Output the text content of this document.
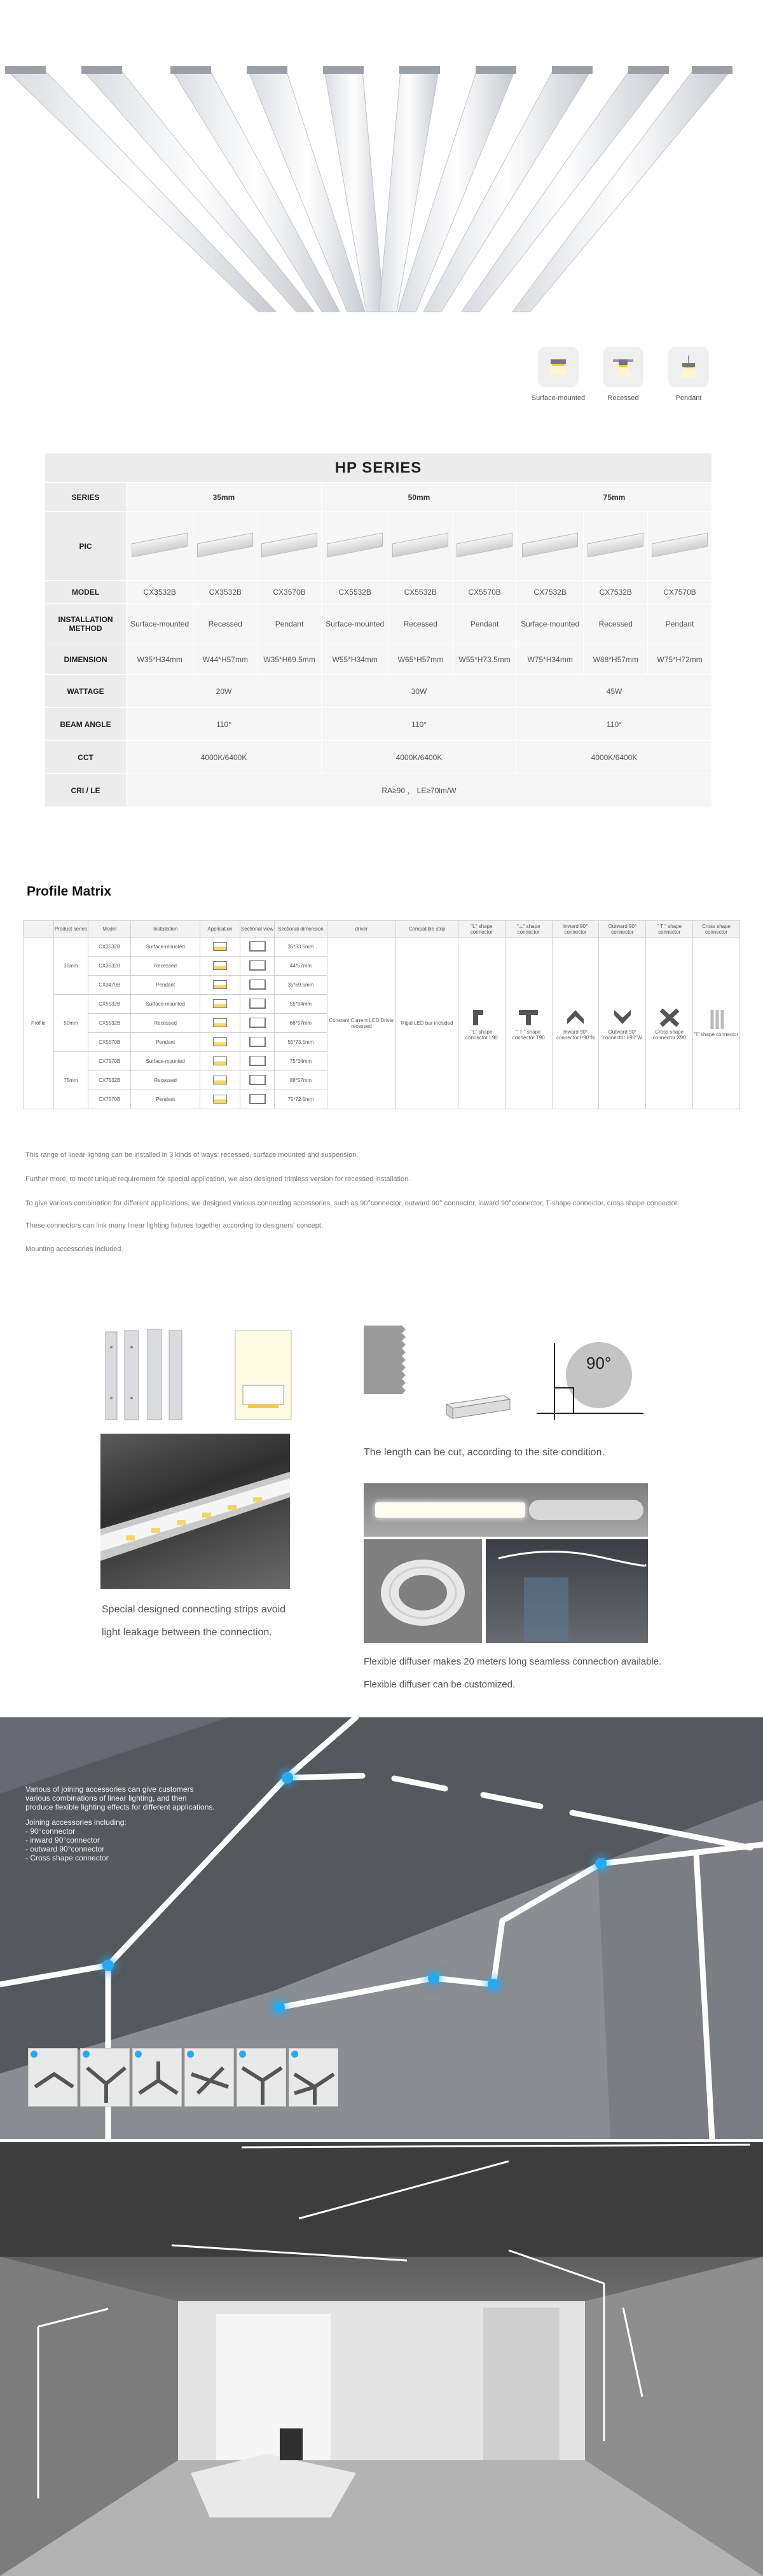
Surface-mounted	Recessed	Pendant
HP SERIES									
SERIES	35mm			50mm			75mm		
PIC									
MODEL	CX3532B	CX3532B	CX3570B	CX5532B	CX5532B	CX5570B	CX7532B	CX7532B	CX7570B
INSTALLATION METHOD	Surface-mounted	Recessed	Pendant	Surface-mounted	Recessed	Pendant	Surface-mounted	Recessed	Pendant
DIMENSION	W35*H34mm	W44*H57mm	W35*H69.5mm	W55*H34mm	W65*H57mm	W55*H73.5mm	W75*H34mm	W88*H57mm	W75*H72mm
WATTAGE	20W			30W			45W		
BEAM ANGLE	110°			110°			110°		
CCT	4000K/6400K			4000K/6400K			4000K/6400K		
CRI / LE	RA≥90 ， LE≥70lm/W								
Profile Matrix
	Product series	Model	Installation	Application	Sectional view	Sectional dimension	driver	Compatible strip	"L" shape connector	"⊥" shape connector	Inward 90° connector	Outward 90° connector	" T " shape connector	Cross shape connector
Profile	35mm	CX3532B	Surface-mounted			35*33.5mm	Constant Current LED Driver recessed	Rigid LED bar included	"L" shape connector L90	" T " shape connector T90	Inward 90° connector I-90°N	Outward 90° connector I-90°W	Cross shape connector X90	"I" shape connector

		CX3532B	Recessed			44*57mm								
		CX3470B	Pendant			35*69.5mm								
	50mm	CX5532B	Surface-mounted			55*34mm								
		CX5532B	Recessed			66*57mm								
		CX5570B	Pendant			55*73.5mm								
	75mm	CX7570B	Surface-mounted			75*34mm								
		CX7532B	Recessed			88*57mm								
		CX7570B	Pendant			75*72.5mm								
This range of linear lighting can be installed in 3 kinds of ways: recessed, surface mounted and suspension.
Further more, to meet unique requirement for special application, we also designed trimless version for recessed installation.
To give various combination for different applications, we designed various connecting accessories, such as 90°connector, outward 90° connector, inward 90°connector, T-shape connector, cross shape connector.
These connectors can link many linear lighting fixtures together according to designers' concept.
Mounting accessories included.
Special designed connecting strips avoid
light leakage between the connection.
90°
The length can be cut, according to the site condition.
Flexible diffuser makes 20 meters long seamless connection available.
Flexible diffuser can be customized.
Various of joining accessories can give customers
various combinations of linear lighting, and then
produce flexible lighting effects for different applications.
Joining accessories including:
- 90°connector
- inward 90°connector
- outward 90°connector
- Cross shape connector
